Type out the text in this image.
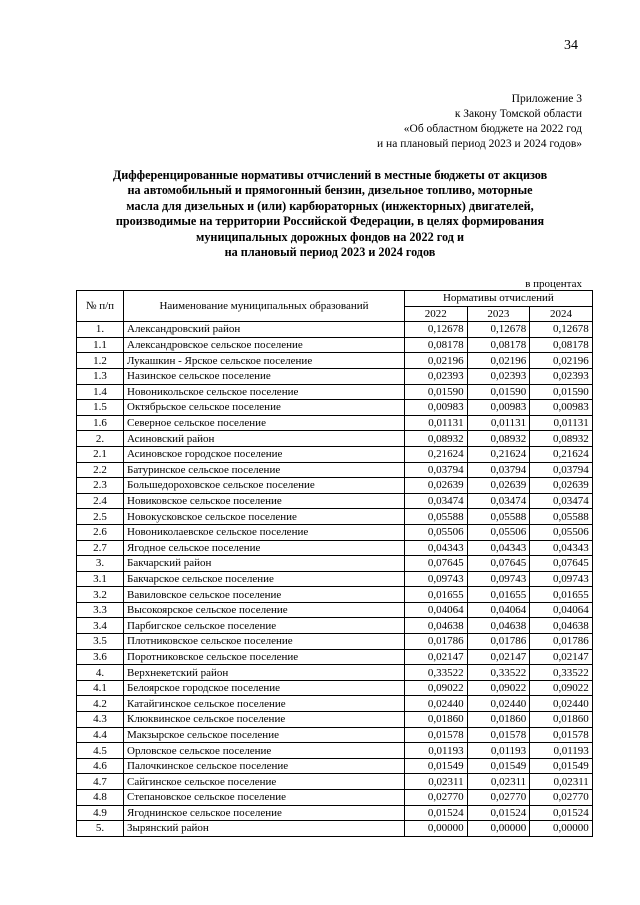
34
Приложение 3
к Закону Томской области
«Об областном бюджете на 2022 год
и на плановый период 2023 и 2024 годов»
Дифференцированные нормативы отчислений в местные бюджеты от акцизов
на автомобильный и прямогонный бензин, дизельное топливо, моторные
масла для дизельных и (или) карбюраторных (инжекторных) двигателей,
производимые на территории Российской Федерации, в целях формирования
муниципальных дорожных фондов на 2022 год и
на плановый период 2023 и 2024 годов
в процентах
№ п/п	Наименование муниципальных образований	Нормативы отчислений		
		2022	2023	2024
1.	Александровский район	0,12678	0,12678	0,12678
1.1	Александровское сельское поселение	0,08178	0,08178	0,08178
1.2	Лукашкин - Ярское сельское поселение	0,02196	0,02196	0,02196
1.3	Назинское сельское поселение	0,02393	0,02393	0,02393
1.4	Новоникольское сельское поселение	0,01590	0,01590	0,01590
1.5	Октябрьское сельское поселение	0,00983	0,00983	0,00983
1.6	Северное сельское поселение	0,01131	0,01131	0,01131
2.	Асиновский район	0,08932	0,08932	0,08932
2.1	Асиновское городское поселение	0,21624	0,21624	0,21624
2.2	Батуринское сельское поселение	0,03794	0,03794	0,03794
2.3	Большедороховское сельское поселение	0,02639	0,02639	0,02639
2.4	Новиковское сельское поселение	0,03474	0,03474	0,03474
2.5	Новокусковское сельское поселение	0,05588	0,05588	0,05588
2.6	Новониколаевское сельское поселение	0,05506	0,05506	0,05506
2.7	Ягодное сельское поселение	0,04343	0,04343	0,04343
3.	Бакчарский район	0,07645	0,07645	0,07645
3.1	Бакчарское сельское поселение	0,09743	0,09743	0,09743
3.2	Вавиловское сельское поселение	0,01655	0,01655	0,01655
3.3	Высокоярское сельское поселение	0,04064	0,04064	0,04064
3.4	Парбигское сельское поселение	0,04638	0,04638	0,04638
3.5	Плотниковское сельское поселение	0,01786	0,01786	0,01786
3.6	Поротниковское сельское поселение	0,02147	0,02147	0,02147
4.	Верхнекетский район	0,33522	0,33522	0,33522
4.1	Белоярское городское поселение	0,09022	0,09022	0,09022
4.2	Катайгинское сельское поселение	0,02440	0,02440	0,02440
4.3	Клюквинское сельское поселение	0,01860	0,01860	0,01860
4.4	Макзырское сельское поселение	0,01578	0,01578	0,01578
4.5	Орловское сельское поселение	0,01193	0,01193	0,01193
4.6	Палочкинское сельское поселение	0,01549	0,01549	0,01549
4.7	Сайгинское сельское поселение	0,02311	0,02311	0,02311
4.8	Степановское сельское поселение	0,02770	0,02770	0,02770
4.9	Ягоднинское сельское поселение	0,01524	0,01524	0,01524
5.	Зырянский район	0,00000	0,00000	0,00000
